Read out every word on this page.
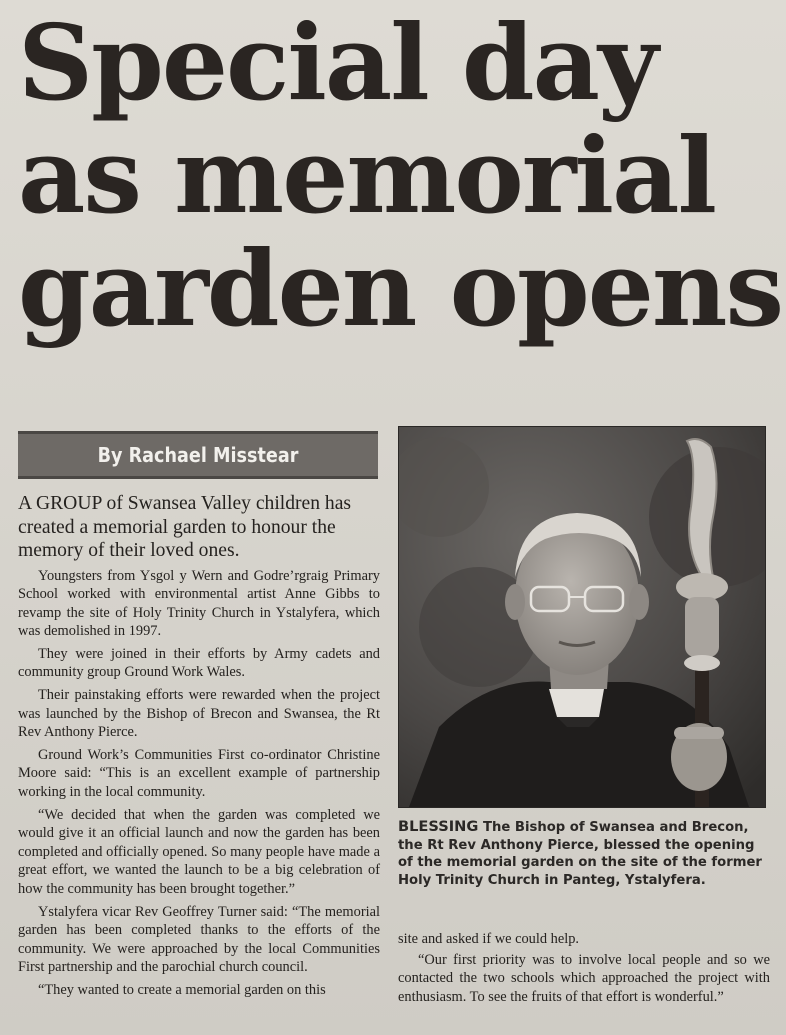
Special day
as memorial
garden opens
By Rachael Misstear

A GROUP of Swansea Valley children has created a memorial garden to honour the memory of their loved ones.

Youngsters from Ysgol y Wern and Godre’rgraig Primary School worked with environmental artist Anne Gibbs to revamp the site of Holy Trinity Church in Ystalyfera, which was demolished in 1997.

They were joined in their efforts by Army cadets and community group Ground Work Wales.

Their painstaking efforts were rewarded when the project was launched by the Bishop of Brecon and Swansea, the Rt Rev Anthony Pierce.

Ground Work’s Communities First co-ordinator Christine Moore said: “This is an excellent example of partnership working in the local community.

“We decided that when the garden was completed we would give it an official launch and now the garden has been completed and officially opened. So many people have made a great effort, we wanted the launch to be a big celebration of how the community has been brought together.”

Ystalyfera vicar Rev Geoffrey Turner said: “The memorial garden has been completed thanks to the efforts of the community. We were approached by the local Communities First partnership and the parochial church council.

“They wanted to create a memorial garden on this

BLESSING The Bishop of Swansea and Brecon, the Rt Rev Anthony Pierce, blessed the opening of the memorial garden on the site of the former Holy Trinity Church in Panteg, Ystalyfera.

site and asked if we could help.

“Our first priority was to involve local people and so we contacted the two schools which approached the project with enthusiasm. To see the fruits of that effort is wonderful.”
